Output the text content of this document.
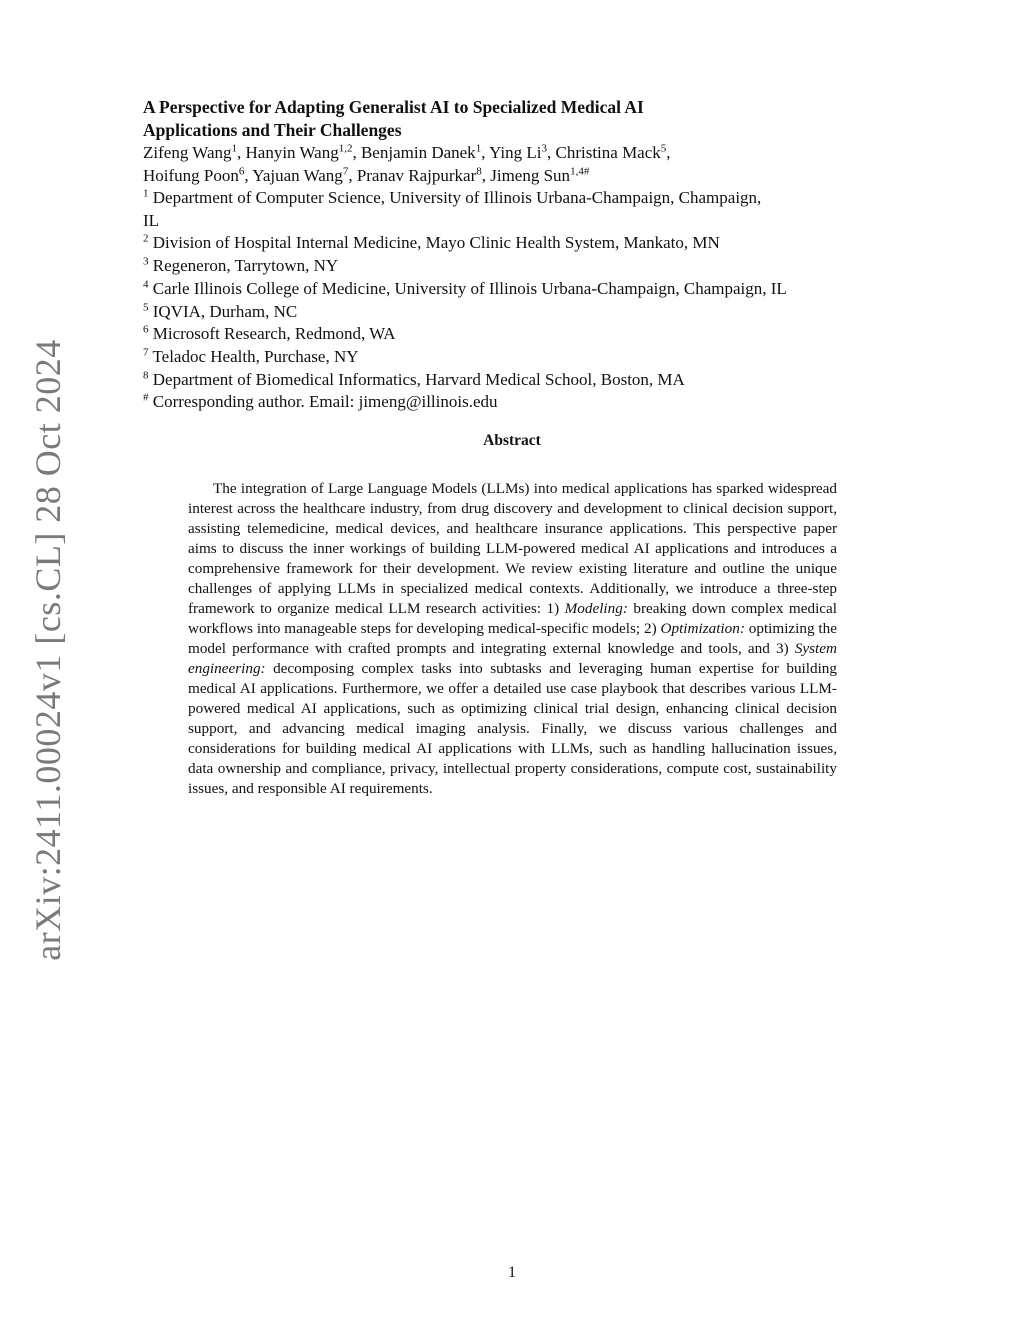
arXiv:2411.00024v1 [cs.CL] 28 Oct 2024
A Perspective for Adapting Generalist AI to Specialized Medical AI
Applications and Their Challenges
Zifeng Wang$^1$, Hanyin Wang$^{1,2}$, Benjamin Danek$^1$, Ying Li$^3$, Christina Mack$^5$,
Hoifung Poon$^6$, Yajuan Wang$^7$, Pranav Rajpurkar$^8$, Jimeng Sun$^{1,4\#}$
$^1$ Department of Computer Science, University of Illinois Urbana-Champaign, Champaign,
IL
$^2$ Division of Hospital Internal Medicine, Mayo Clinic Health System, Mankato, MN
$^3$ Regeneron, Tarrytown, NY
$^4$ Carle Illinois College of Medicine, University of Illinois Urbana-Champaign, Champaign, IL
$^5$ IQVIA, Durham, NC
$^6$ Microsoft Research, Redmond, WA
$^7$ Teladoc Health, Purchase, NY
$^8$ Department of Biomedical Informatics, Harvard Medical School, Boston, MA
# Corresponding author. Email: jimeng@illinois.edu
Abstract

The integration of Large Language Models (LLMs) into medical applications has sparked widespread interest across the healthcare industry, from drug discovery and development to clinical decision support, assisting telemedicine, medical devices, and healthcare insurance applications. This perspective paper aims to discuss the inner workings of building LLM-powered medical AI applications and introduces a comprehensive framework for their development. We review existing literature and outline the unique challenges of applying LLMs in specialized medical contexts. Additionally, we introduce a three-step framework to organize medical LLM research activities: 1) Modeling: breaking down complex medical workflows into manageable steps for developing medical-specific models; 2) Optimization: optimizing the model performance with crafted prompts and integrating external knowledge and tools, and 3) System engineering: decomposing complex tasks into subtasks and leveraging human expertise for building medical AI applications. Furthermore, we offer a detailed use case playbook that describes various LLM-powered medical AI applications, such as optimizing clinical trial design, enhancing clinical decision support, and advancing medical imaging analysis. Finally, we discuss various challenges and considerations for building medical AI applications with LLMs, such as handling hallucination issues, data ownership and compliance, privacy, intellectual property considerations, compute cost, sustainability issues, and responsible AI requirements.

1
